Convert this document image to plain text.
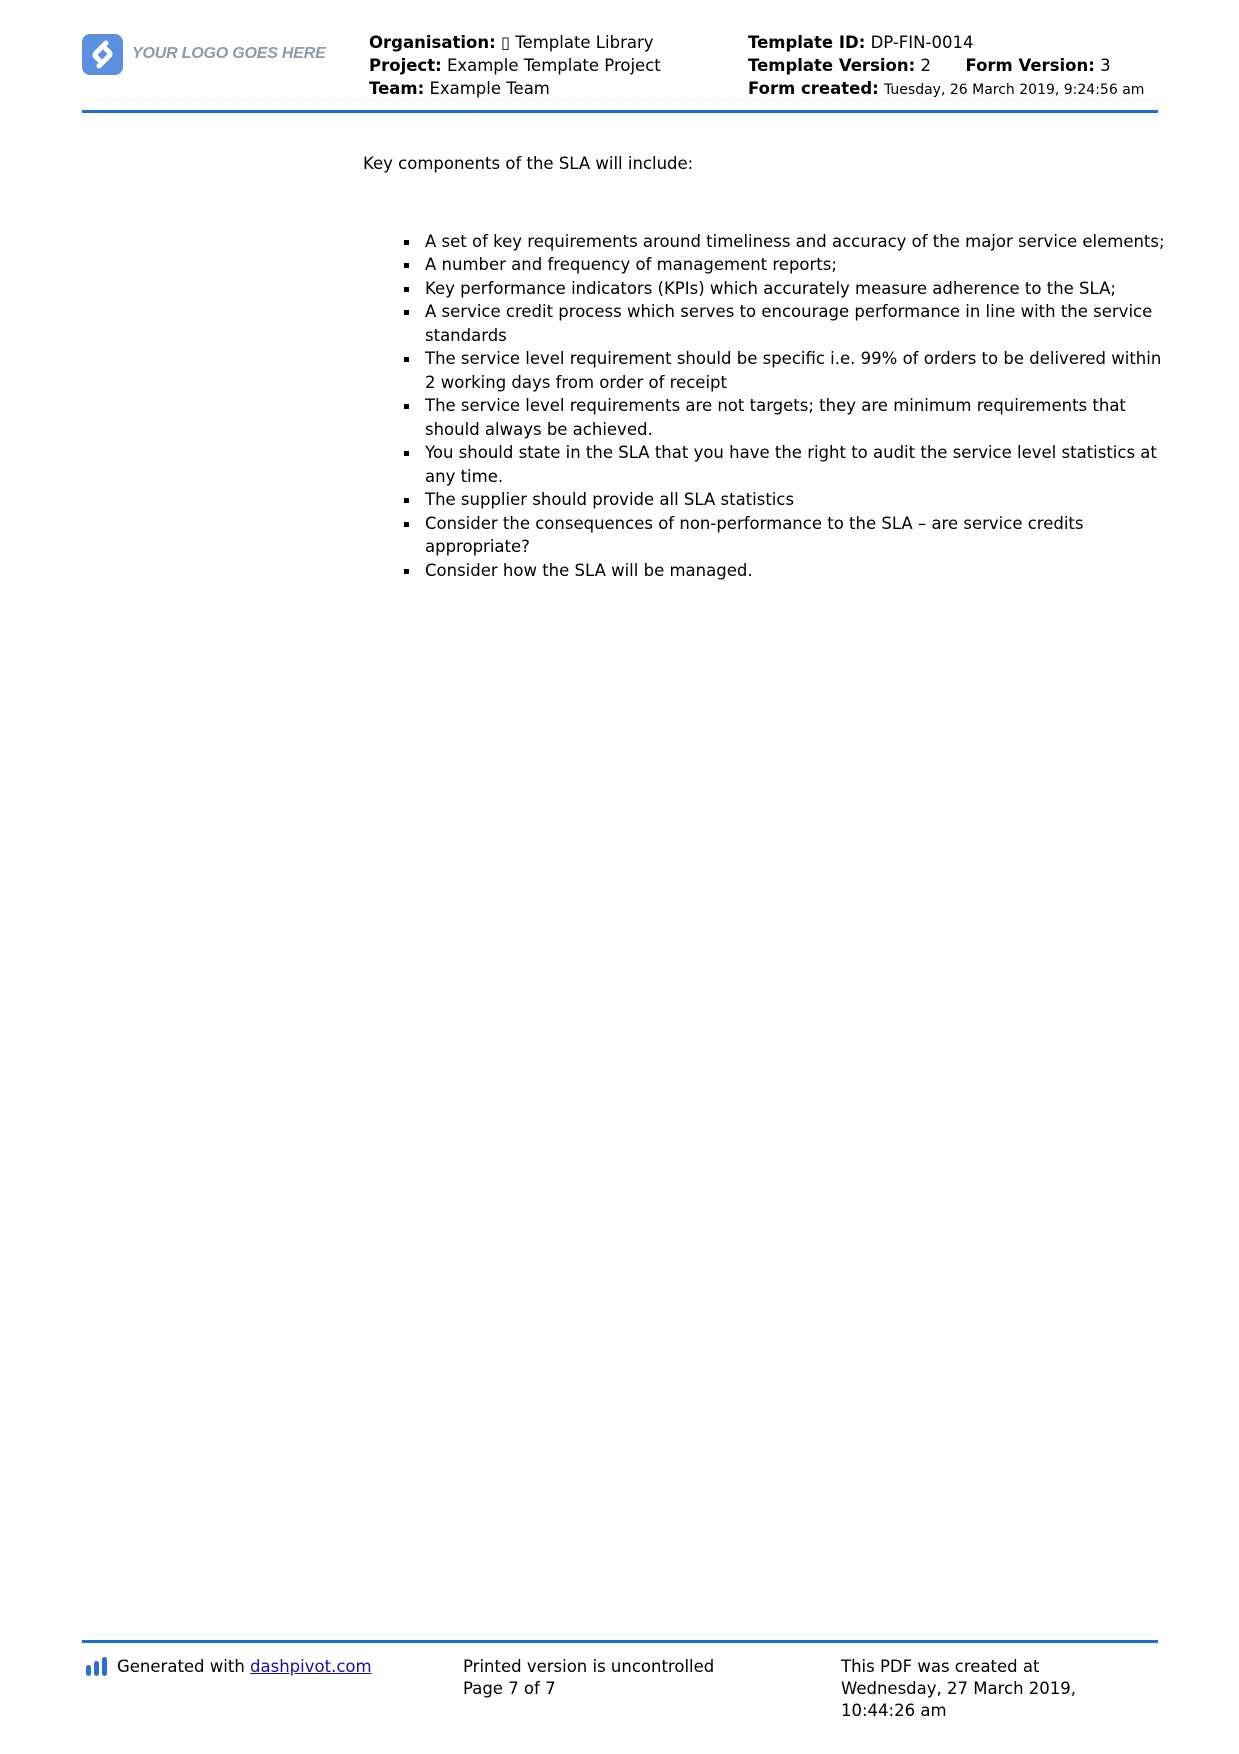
YOUR LOGO GOES HERE
Organisation: ▯ Template Library
Project: Example Template Project
Team: Example Team
Template ID: DP-FIN-0014
Template Version: 2 Form Version: 3
Form created: Tuesday, 26 March 2019, 9:24:56 am

Key components of the SLA will include:

A set of key requirements around timeliness and accuracy of the major service elements;
A number and frequency of management reports;
Key performance indicators (KPIs) which accurately measure adherence to the SLA;
A service credit process which serves to encourage performance in line with the service standards
The service level requirement should be specific i.e. 99% of orders to be delivered within 2 working days from order of receipt
The service level requirements are not targets; they are minimum requirements that should always be achieved.
You should state in the SLA that you have the right to audit the service level statistics at any time.
The supplier should provide all SLA statistics
Consider the consequences of non-performance to the SLA – are service credits appropriate?
Consider how the SLA will be managed.
Generated with
dashpivot.com	Printed version is uncontrolled
Page 7 of 7
This PDF was created at
Wednesday, 27 March 2019,
10:44:26 am
